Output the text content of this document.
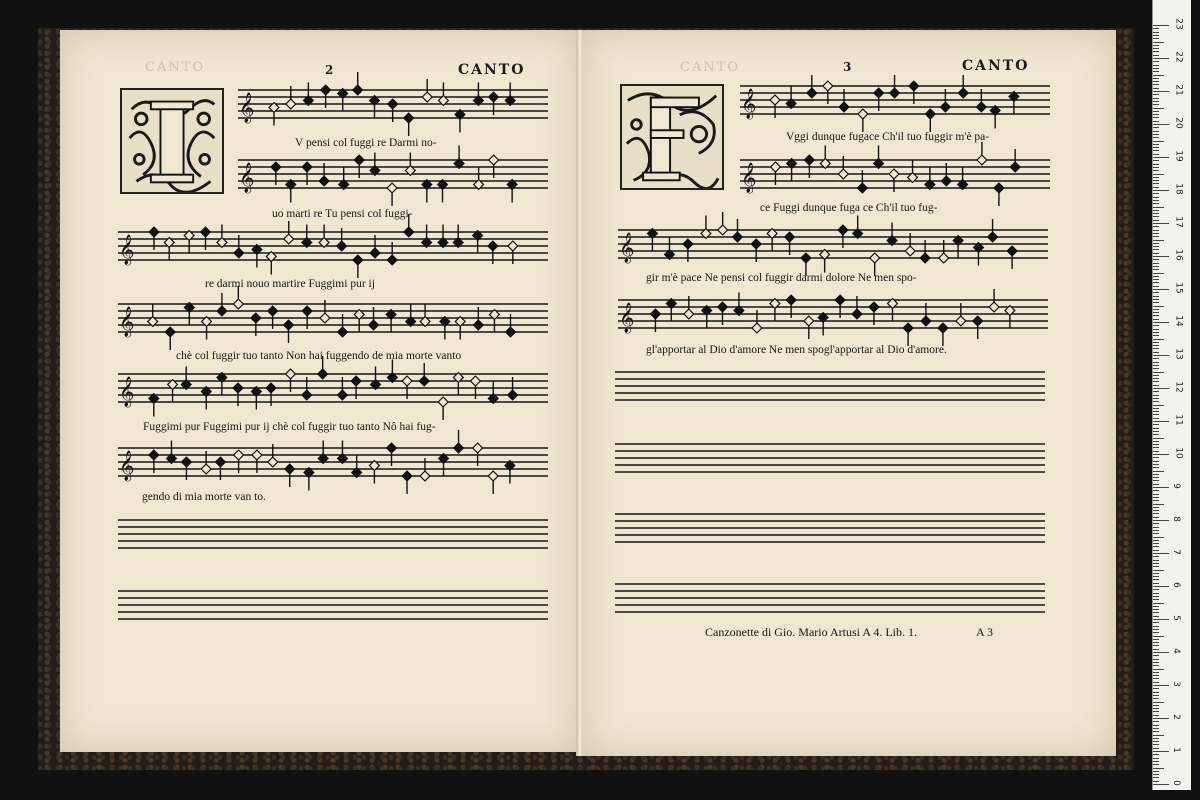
CANTO	2	CANTO
𝄞
𝄞
𝄞
𝄞
𝄞
𝄞
V pensi col fuggi re Darmi no-
uo marti re Tu pensi col fuggi-
re darmi nouo martire Fuggimi pur ij
chè col fuggir tuo tanto Non hai fuggendo de mia morte vanto
Fuggimi pur Fuggimi pur ij chè col fuggir tuo tanto Nô hai fug-
gendo di mia morte van to.
CANTO	3	CANTO
𝄞
𝄞
𝄞
𝄞
Vggi dunque fugace Ch'il tuo fuggir m'è pa-
ce Fuggi dunque fuga ce Ch'il tuo fug-
gir m'è pace Ne pensi col fuggir darmi dolore Ne men spo-
gl'apportar al Dio d'amore Ne men spogl'apportar al Dio d'amore.
Canzonette di Gio. Mario Artusi A 4. Lib. 1.	A 3
0
1
2
3
4
5
6
7
8
9
10
11
12
13
14
15
16
17
18
19
20
21
22
23
